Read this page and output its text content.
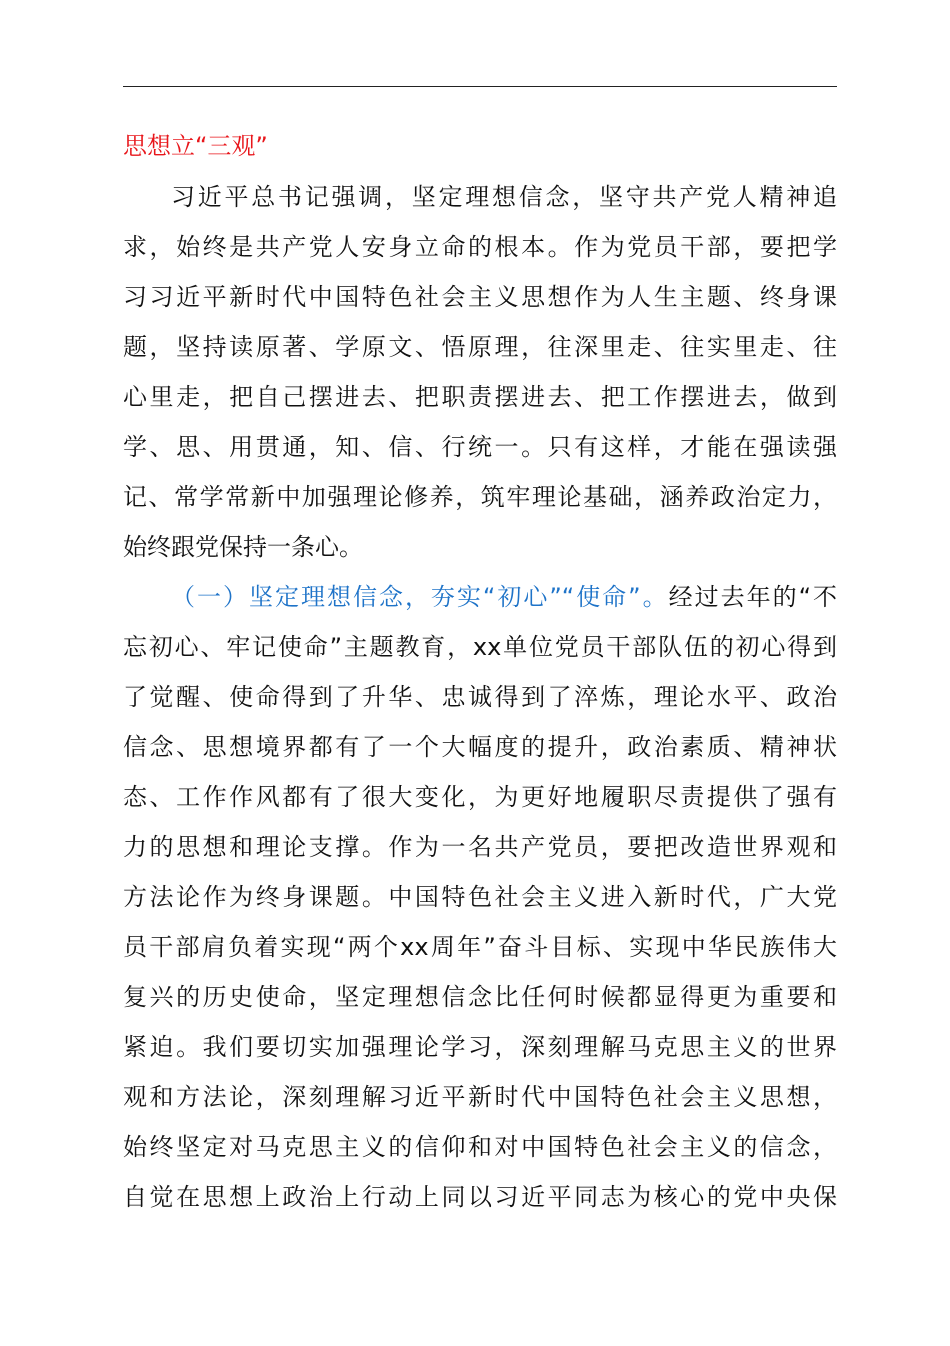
思想立“三观”
习近平总书记强调，坚定理想信念，坚守共产党人精神追
求，始终是共产党人安身立命的根本。作为党员干部，要把学
习习近平新时代中国特色社会主义思想作为人生主题、终身课
题，坚持读原著、学原文、悟原理，往深里走、往实里走、往
心里走，把自己摆进去、把职责摆进去、把工作摆进去，做到
学、思、用贯通，知、信、行统一。只有这样，才能在强读强
记、常学常新中加强理论修养，筑牢理论基础，涵养政治定力，
始终跟党保持一条心。
（一）坚定理想信念，夯实“初心”“使命”。经过去年的“不
忘初心、牢记使命”主题教育，xx单位党员干部队伍的初心得到
了觉醒、使命得到了升华、忠诚得到了淬炼，理论水平、政治
信念、思想境界都有了一个大幅度的提升，政治素质、精神状
态、工作作风都有了很大变化，为更好地履职尽责提供了强有
力的思想和理论支撑。作为一名共产党员，要把改造世界观和
方法论作为终身课题。中国特色社会主义进入新时代，广大党
员干部肩负着实现“两个xx周年”奋斗目标、实现中华民族伟大
复兴的历史使命，坚定理想信念比任何时候都显得更为重要和
紧迫。我们要切实加强理论学习，深刻理解马克思主义的世界
观和方法论，深刻理解习近平新时代中国特色社会主义思想，
始终坚定对马克思主义的信仰和对中国特色社会主义的信念，
自觉在思想上政治上行动上同以习近平同志为核心的党中央保
